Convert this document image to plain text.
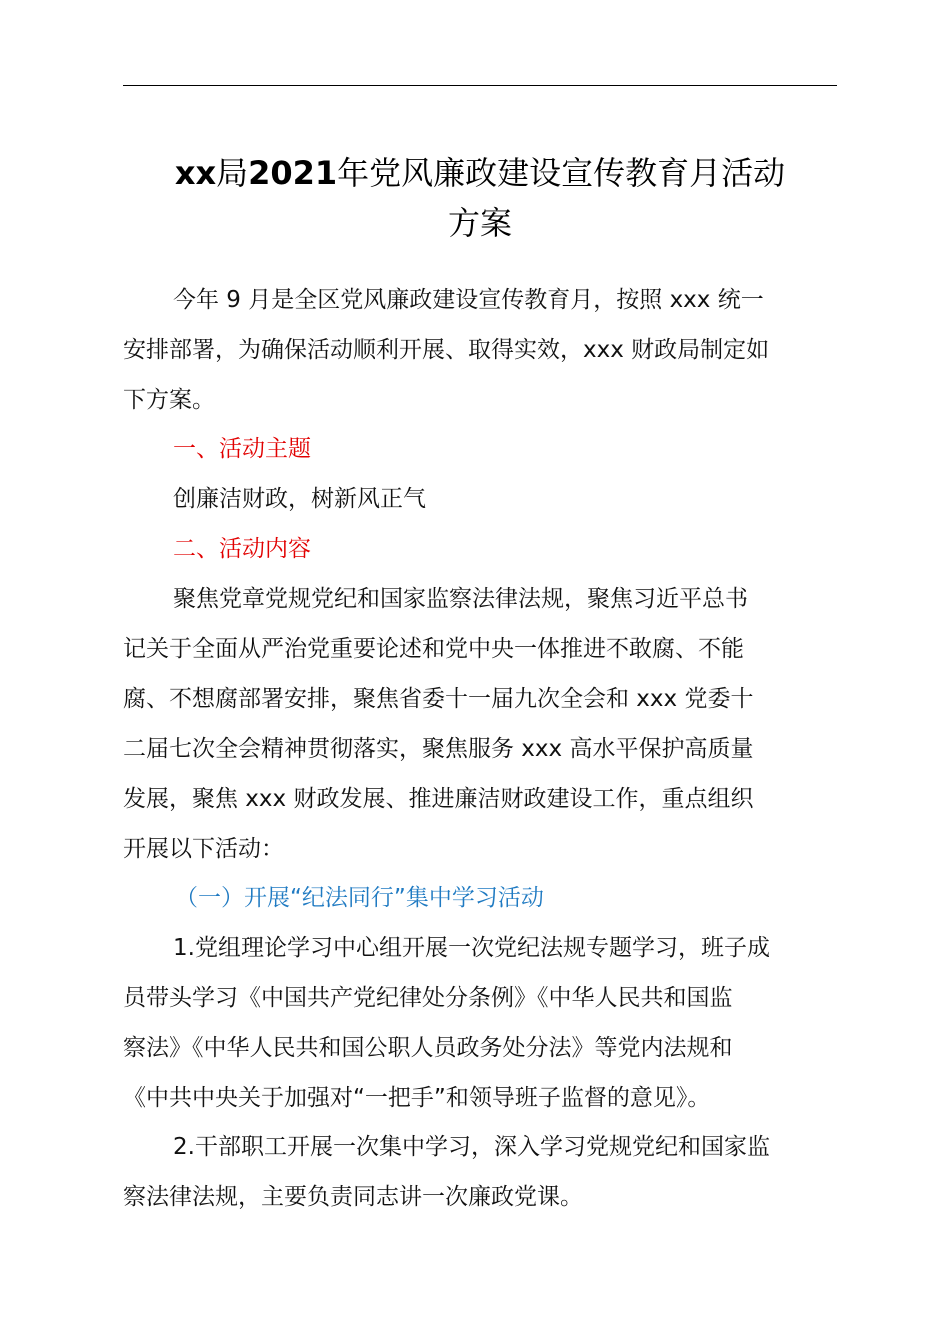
xx局2021年党风廉政建设宣传教育月活动
方案
今年 9 月是全区党风廉政建设宣传教育月，按照 xxx 统一
安排部署，为确保活动顺利开展、取得实效，xxx 财政局制定如
下方案。
一、活动主题
创廉洁财政，树新风正气
二、活动内容
聚焦党章党规党纪和国家监察法律法规，聚焦习近平总书
记关于全面从严治党重要论述和党中央一体推进不敢腐、不能
腐、不想腐部署安排，聚焦省委十一届九次全会和 xxx 党委十
二届七次全会精神贯彻落实，聚焦服务 xxx 高水平保护高质量
发展，聚焦 xxx 财政发展、推进廉洁财政建设工作，重点组织
开展以下活动：
（一）开展“纪法同行”集中学习活动
1.党组理论学习中心组开展一次党纪法规专题学习，班子成
员带头学习《中国共产党纪律处分条例》《中华人民共和国监
察法》《中华人民共和国公职人员政务处分法》等党内法规和
《中共中央关于加强对“一把手”和领导班子监督的意见》。
2.干部职工开展一次集中学习，深入学习党规党纪和国家监
察法律法规，主要负责同志讲一次廉政党课。
